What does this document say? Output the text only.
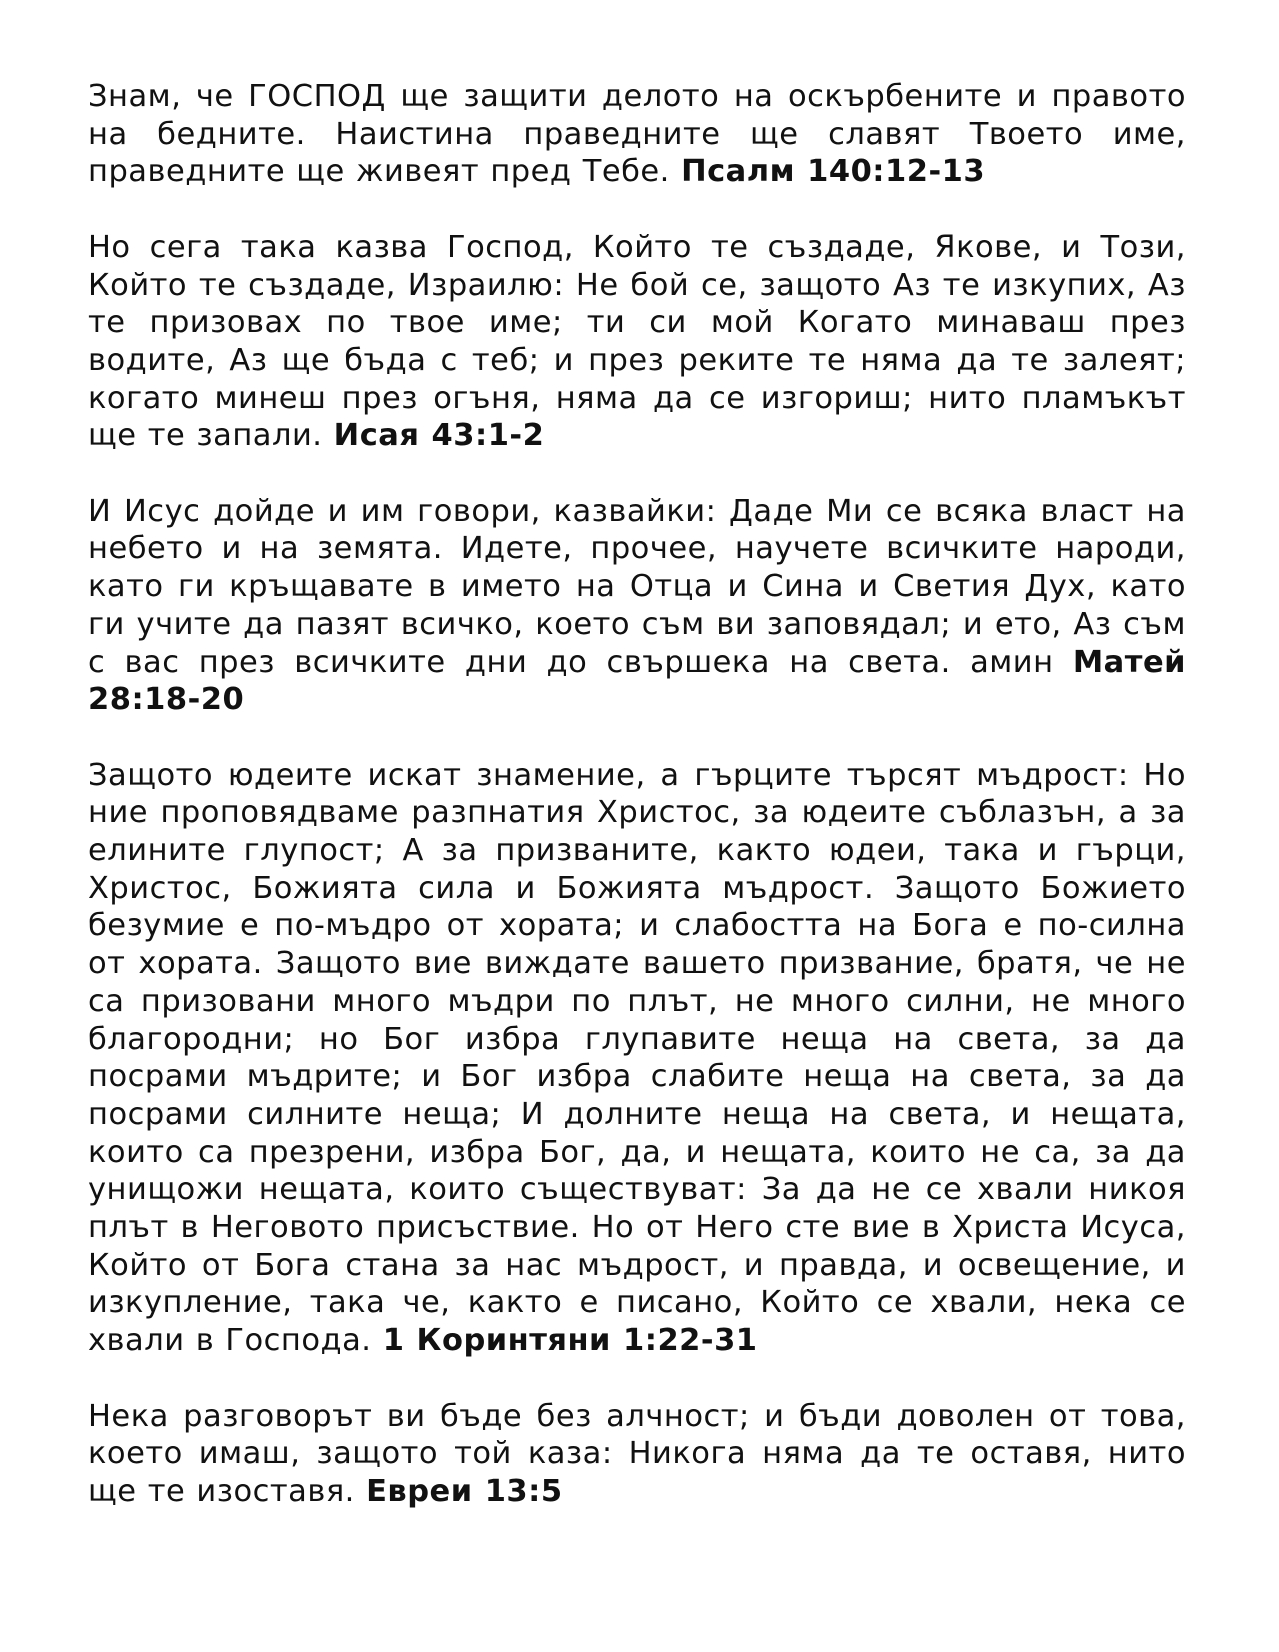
Знам, че ГОСПОД ще защити делото на оскърбените и правото на бедните. Наистина праведните ще славят Твоето име, праведните ще живеят пред Тебе. Псалм 140:12-13

Но сега така казва Господ, Който те създаде, Якове, и Този, Който те създаде, Израилю: Не бой се, защото Аз те изкупих, Аз те призовах по твое име; ти си мой Когато минаваш през водите, Аз ще бъда с теб; и през реките те няма да те залеят; когато минеш през огъня, няма да се изгориш; нито пламъкът ще те запали. Исая 43:1-2

И Исус дойде и им говори, казвайки: Даде Ми се всяка власт на небето и на земята. Идете, прочее, научете всичките народи, като ги кръщавате в името на Отца и Сина и Светия Дух, като ги учите да пазят всичко, което съм ви заповядал; и ето, Аз съм с вас през всичките дни до свършека на света. амин Матей 28:18-20

Защото юдеите искат знамение, а гърците търсят мъдрост: Но ние проповядваме разпнатия Христос, за юдеите съблазън, а за елините глупост; А за призваните, както юдеи, така и гърци, Христос, Божията сила и Божията мъдрост. Защото Божието безумие е по-мъдро от хората; и слабостта на Бога е по-силна от хората. Защото вие виждате вашето призвание, братя, че не са призовани много мъдри по плът, не много силни, не много благородни; но Бог избра глупавите неща на света, за да посрами мъдрите; и Бог избра слабите неща на света, за да посрами силните неща; И долните неща на света, и нещата, които са презрени, избра Бог, да, и нещата, които не са, за да унищожи нещата, които съществуват: За да не се хвали никоя плът в Неговото присъствие. Но от Него сте вие в Христа Исуса, Който от Бога стана за нас мъдрост, и правда, и освещение, и изкупление, така че, както е писано, Който се хвали, нека се хвали в Господа. 1 Коринтяни 1:22-31

Нека разговорът ви бъде без алчност; и бъди доволен от това, което имаш, защото той каза: Никога няма да те оставя, нито ще те изоставя. Евреи 13:5
